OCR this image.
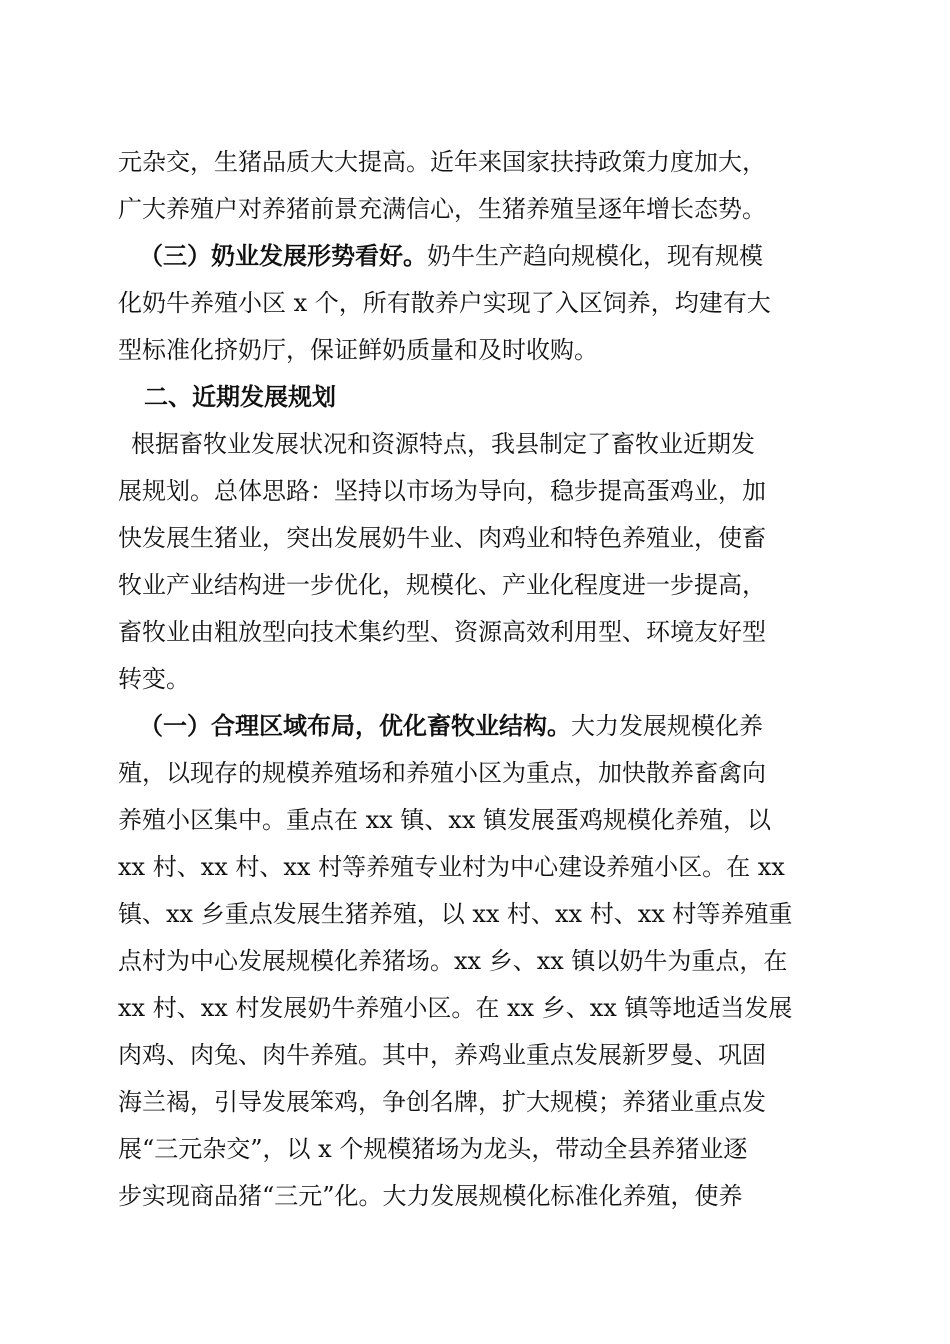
元杂交，生猪品质大大提高。近年来国家扶持政策力度加大，
广大养殖户对养猪前景充满信心，生猪养殖呈逐年增长态势。
（三）奶业发展形势看好。奶牛生产趋向规模化，现有规模
化奶牛养殖小区 x 个，所有散养户实现了入区饲养，均建有大
型标准化挤奶厅，保证鲜奶质量和及时收购。
二、近期发展规划
根据畜牧业发展状况和资源特点，我县制定了畜牧业近期发
展规划。总体思路：坚持以市场为导向，稳步提高蛋鸡业，加
快发展生猪业，突出发展奶牛业、肉鸡业和特色养殖业，使畜
牧业产业结构进一步优化，规模化、产业化程度进一步提高，
畜牧业由粗放型向技术集约型、资源高效利用型、环境友好型
转变。
（一）合理区域布局，优化畜牧业结构。大力发展规模化养
殖，以现存的规模养殖场和养殖小区为重点，加快散养畜禽向
养殖小区集中。重点在 xx 镇、xx 镇发展蛋鸡规模化养殖，以
xx 村、xx 村、xx 村等养殖专业村为中心建设养殖小区。在 xx
镇、xx 乡重点发展生猪养殖，以 xx 村、xx 村、xx 村等养殖重
点村为中心发展规模化养猪场。xx 乡、xx 镇以奶牛为重点，在
xx 村、xx 村发展奶牛养殖小区。在 xx 乡、xx 镇等地适当发展
肉鸡、肉兔、肉牛养殖。其中，养鸡业重点发展新罗曼、巩固
海兰褐，引导发展笨鸡，争创名牌，扩大规模；养猪业重点发
展“三元杂交”，以 x 个规模猪场为龙头，带动全县养猪业逐
步实现商品猪“三元”化。大力发展规模化标准化养殖，使养
